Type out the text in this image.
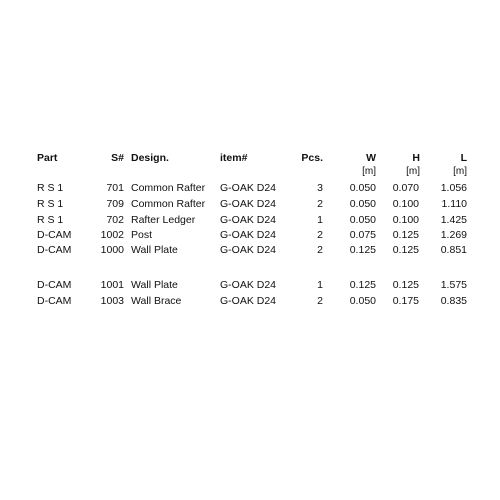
Part	S# Design.	item#	Pcs.	W	H	L
[m]	[m]	[m]
R S 1	701 Common Rafter G-OAK D24	3	0.050 0.070 1.056
R S 1	709 Common Rafter G-OAK D24	2	0.050 0.100 1.110
R S 1	702 Rafter Ledger G-OAK D24	1	0.050 0.100 1.425
D-CAM	1002 Post	G-OAK D24	2	0.075 0.125 1.269
D-CAM	1000 Wall Plate	G-OAK D24	2	0.125 0.125 0.851
D-CAM	1001 Wall Plate	G-OAK D24	1	0.125 0.125 1.575
D-CAM	1003 Wall Brace	G-OAK D24	2	0.050 0.175 0.835
